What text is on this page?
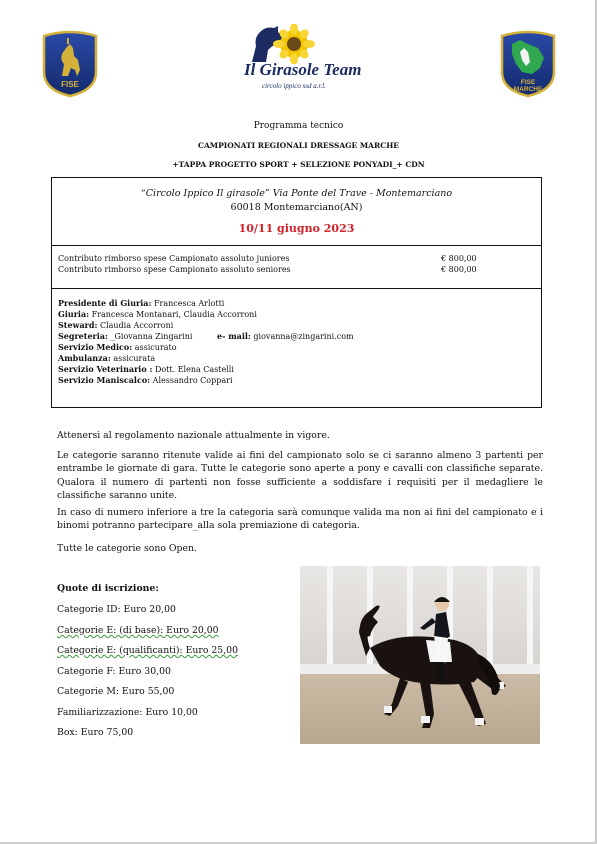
FISE
Il Girasole Team
circolo ippico ssd a.r.l.	FISE
MARCHE
Programma tecnico
CAMPIONATI REGIONALI DRESSAGE MARCHE
+TAPPA PROGETTO SPORT + SELEZIONE PONYADI_+ CDN
“Circolo Ippico Il girasole” Via Ponte del Trave - Montemarciano
60018 Montemarciano(AN)
10/11 giugno 2023
Contributo rimborso spese Campionato assoluto juniores	€ 800,00
Contributo rimborso spese Campionato assoluto seniores	€ 800,00
Presidente di Giuria: Francesca Arlotti
Giuria: Francesca Montanari, Claudia Accorroni
Steward: Claudia Accorroni
Segreteria: _Giovanna Zingarini	e- mail: giovanna@zingarini.com
Servizio Medico: assicurato
Ambulanza: assicurata
Servizio Veterinario : Dott. Elena Castelli
Servizio Maniscalco: Alessandro Coppari
Attenersi al regolamento nazionale attualmente in vigore.
Le categorie saranno ritenute valide ai fini del campionato solo se ci saranno almeno 3 partenti per entrambe le giornate di gara. Tutte le categorie sono aperte a pony e cavalli con classifiche separate. Qualora il numero di partenti non fosse sufficiente a soddisfare i requisiti per il medagliere le classifiche saranno unite.
In caso di numero inferiore a tre la categoria sarà comunque valida ma non ai fini del campionato e i binomi potranno partecipare_alla sola premiazione di categoria.
Tutte le categorie sono Open.
Quote di iscrizione:
Categorie ID: Euro 20,00
Categorie E: (di base): Euro 20,00
Categorie E: (qualificanti): Euro 25,00
Categorie F: Euro 30,00
Categorie M: Euro 55,00
Familiarizzazione: Euro 10,00
Box: Euro 75,00
